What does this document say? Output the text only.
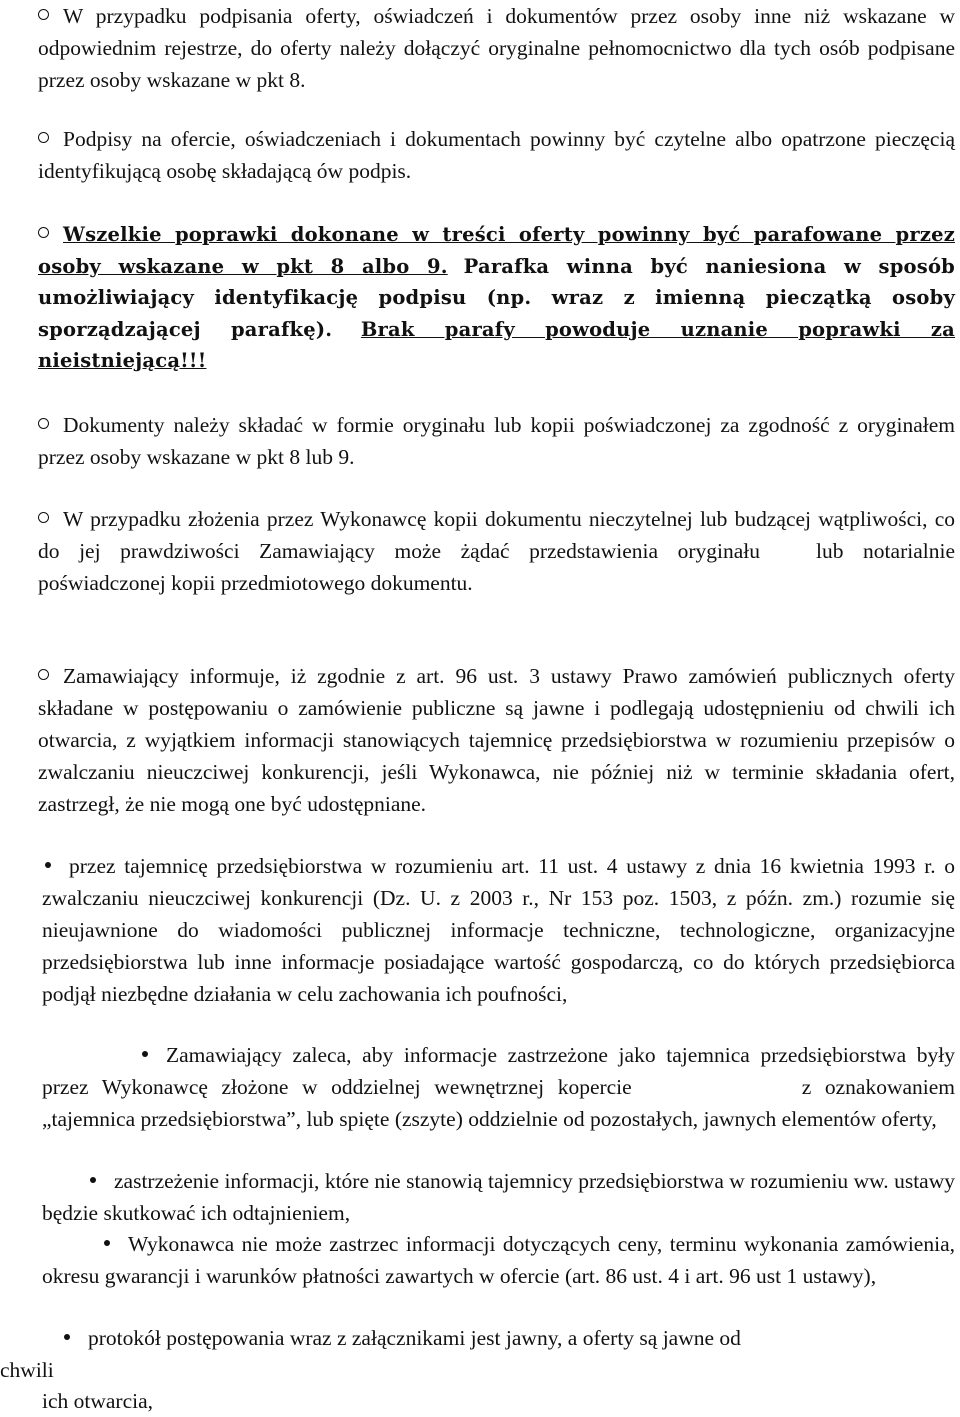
W przypadku podpisania oferty, oświadczeń i dokumentów przez osoby inne niż wskazane w odpowiednim rejestrze, do oferty należy dołączyć oryginalne pełnomocnictwo dla tych osób podpisane przez osoby wskazane w pkt 8.

Podpisy na ofercie, oświadczeniach i dokumentach powinny być czytelne albo opatrzone pieczęcią identyfikującą osobę składającą ów podpis.

Wszelkie poprawki dokonane w treści oferty powinny być parafowane przez osoby wskazane w pkt 8 albo 9. Parafka winna być naniesiona w sposób umożliwiający identyfikację podpisu (np. wraz z imienną pieczątką osoby sporządzającej parafkę). Brak parafy powoduje uznanie poprawki za nieistniejącą!!!

Dokumenty należy składać w formie oryginału lub kopii poświadczonej za zgodność z oryginałem przez osoby wskazane w pkt 8 lub 9.

W przypadku złożenia przez Wykonawcę kopii dokumentu nieczytelnej lub budzącej wątpliwości, co do jej prawdziwości Zamawiający może żądać przedstawienia oryginału	lub notarialnie poświadczonej kopii przedmiotowego dokumentu.

Zamawiający informuje, iż zgodnie z art. 96 ust. 3 ustawy Prawo zamówień publicznych oferty składane w postępowaniu o zamówienie publiczne są jawne i podlegają udostępnieniu od chwili ich otwarcia, z wyjątkiem informacji stanowiących tajemnicę przedsiębiorstwa w rozumieniu przepisów o zwalczaniu nieuczciwej konkurencji, jeśli Wykonawca, nie później niż w terminie składania ofert, zastrzegł, że nie mogą one być udostępniane.

przez tajemnicę przedsiębiorstwa w rozumieniu art. 11 ust. 4 ustawy z dnia 16 kwietnia 1993 r. o zwalczaniu nieuczciwej konkurencji (Dz. U. z 2003 r., Nr 153 poz. 1503, z późn. zm.) rozumie się nieujawnione do wiadomości publicznej informacje techniczne, technologiczne, organizacyjne przedsiębiorstwa lub inne informacje posiadające wartość gospodarczą, co do których przedsiębiorca podjął niezbędne działania w celu zachowania ich poufności,

Zamawiający zaleca, aby informacje zastrzeżone jako tajemnica przedsiębiorstwa były przez Wykonawcę złożone w oddzielnej wewnętrznej kopercie	z oznakowaniem „tajemnica przedsiębiorstwa”, lub spięte (zszyte) oddzielnie od pozostałych, jawnych elementów oferty,

zastrzeżenie informacji, które nie stanowią tajemnicy przedsiębiorstwa w rozumieniu ww. ustawy będzie skutkować ich odtajnieniem,

Wykonawca nie może zastrzec informacji dotyczących ceny, terminu wykonania zamówienia, okresu gwarancji i warunków płatności zawartych w ofercie (art. 86 ust. 4 i art. 96 ust 1 ustawy),

protokół postępowania wraz z załącznikami jest jawny, a oferty są jawne od

chwili
ich otwarcia,
